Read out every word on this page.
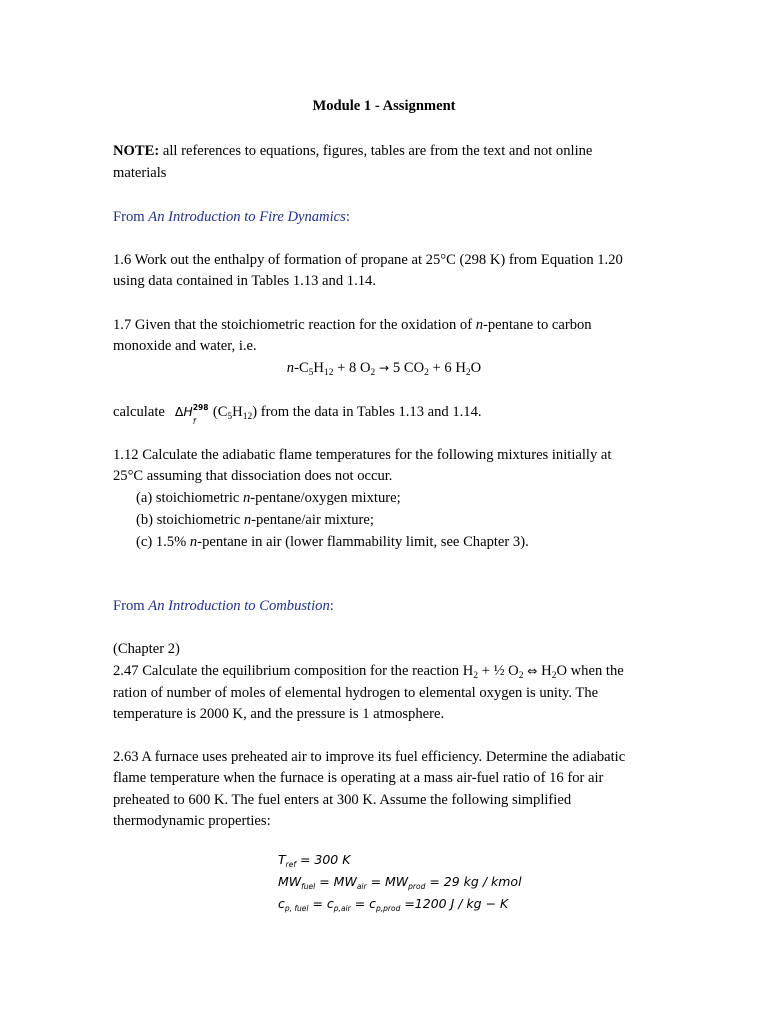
Module 1 - Assignment
NOTE: all references to equations, figures, tables are from the text and not online
materials
From An Introduction to Fire Dynamics:
1.6 Work out the enthalpy of formation of propane at 25°C (298 K) from Equation 1.20
using data contained in Tables 1.13 and 1.14.
1.7 Given that the stoichiometric reaction for the oxidation of n-pentane to carbon
monoxide and water, i.e.
$n-C_5H_{12} + 8$ $O_2 \to 5$ $CO_2 + 6$ $H_2O$
calculate ΔH 298
f
$(C_5H_{12})$ from the data in Tables 1.13 and 1.14.
1.12 Calculate the adiabatic flame temperatures for the following mixtures initially at
25°C assuming that dissociation does not occur.
(a) stoichiometric n-pentane/oxygen mixture;
(b) stoichiometric n-pentane/air mixture;
(c) 1.5% n-pentane in air (lower flammability limit, see Chapter 3).
From An Introduction to Combustion:
(Chapter 2)
2.47 Calculate the equilibrium composition for the reaction $H_2$ + ½ $O_2$ ⇔ $H_2O$ when the
ration of number of moles of elemental hydrogen to elemental oxygen is unity. The
temperature is 2000 K, and the pressure is 1 atmosphere.
2.63 A furnace uses preheated air to improve its fuel efficiency. Determine the adiabatic
flame temperature when the furnace is operating at a mass air-fuel ratio of 16 for air
preheated to 600 K. The fuel enters at 300 K. Assume the following simplified
thermodynamic properties:
$T_{ref} = 300$ K
$MW_{fuel} = MW_{air} = MW_{prod} = 29$ kg / kmol
$c_{p, fuel} = c_{p,air} = c_{p,prod} =1200$ J / kg − K
